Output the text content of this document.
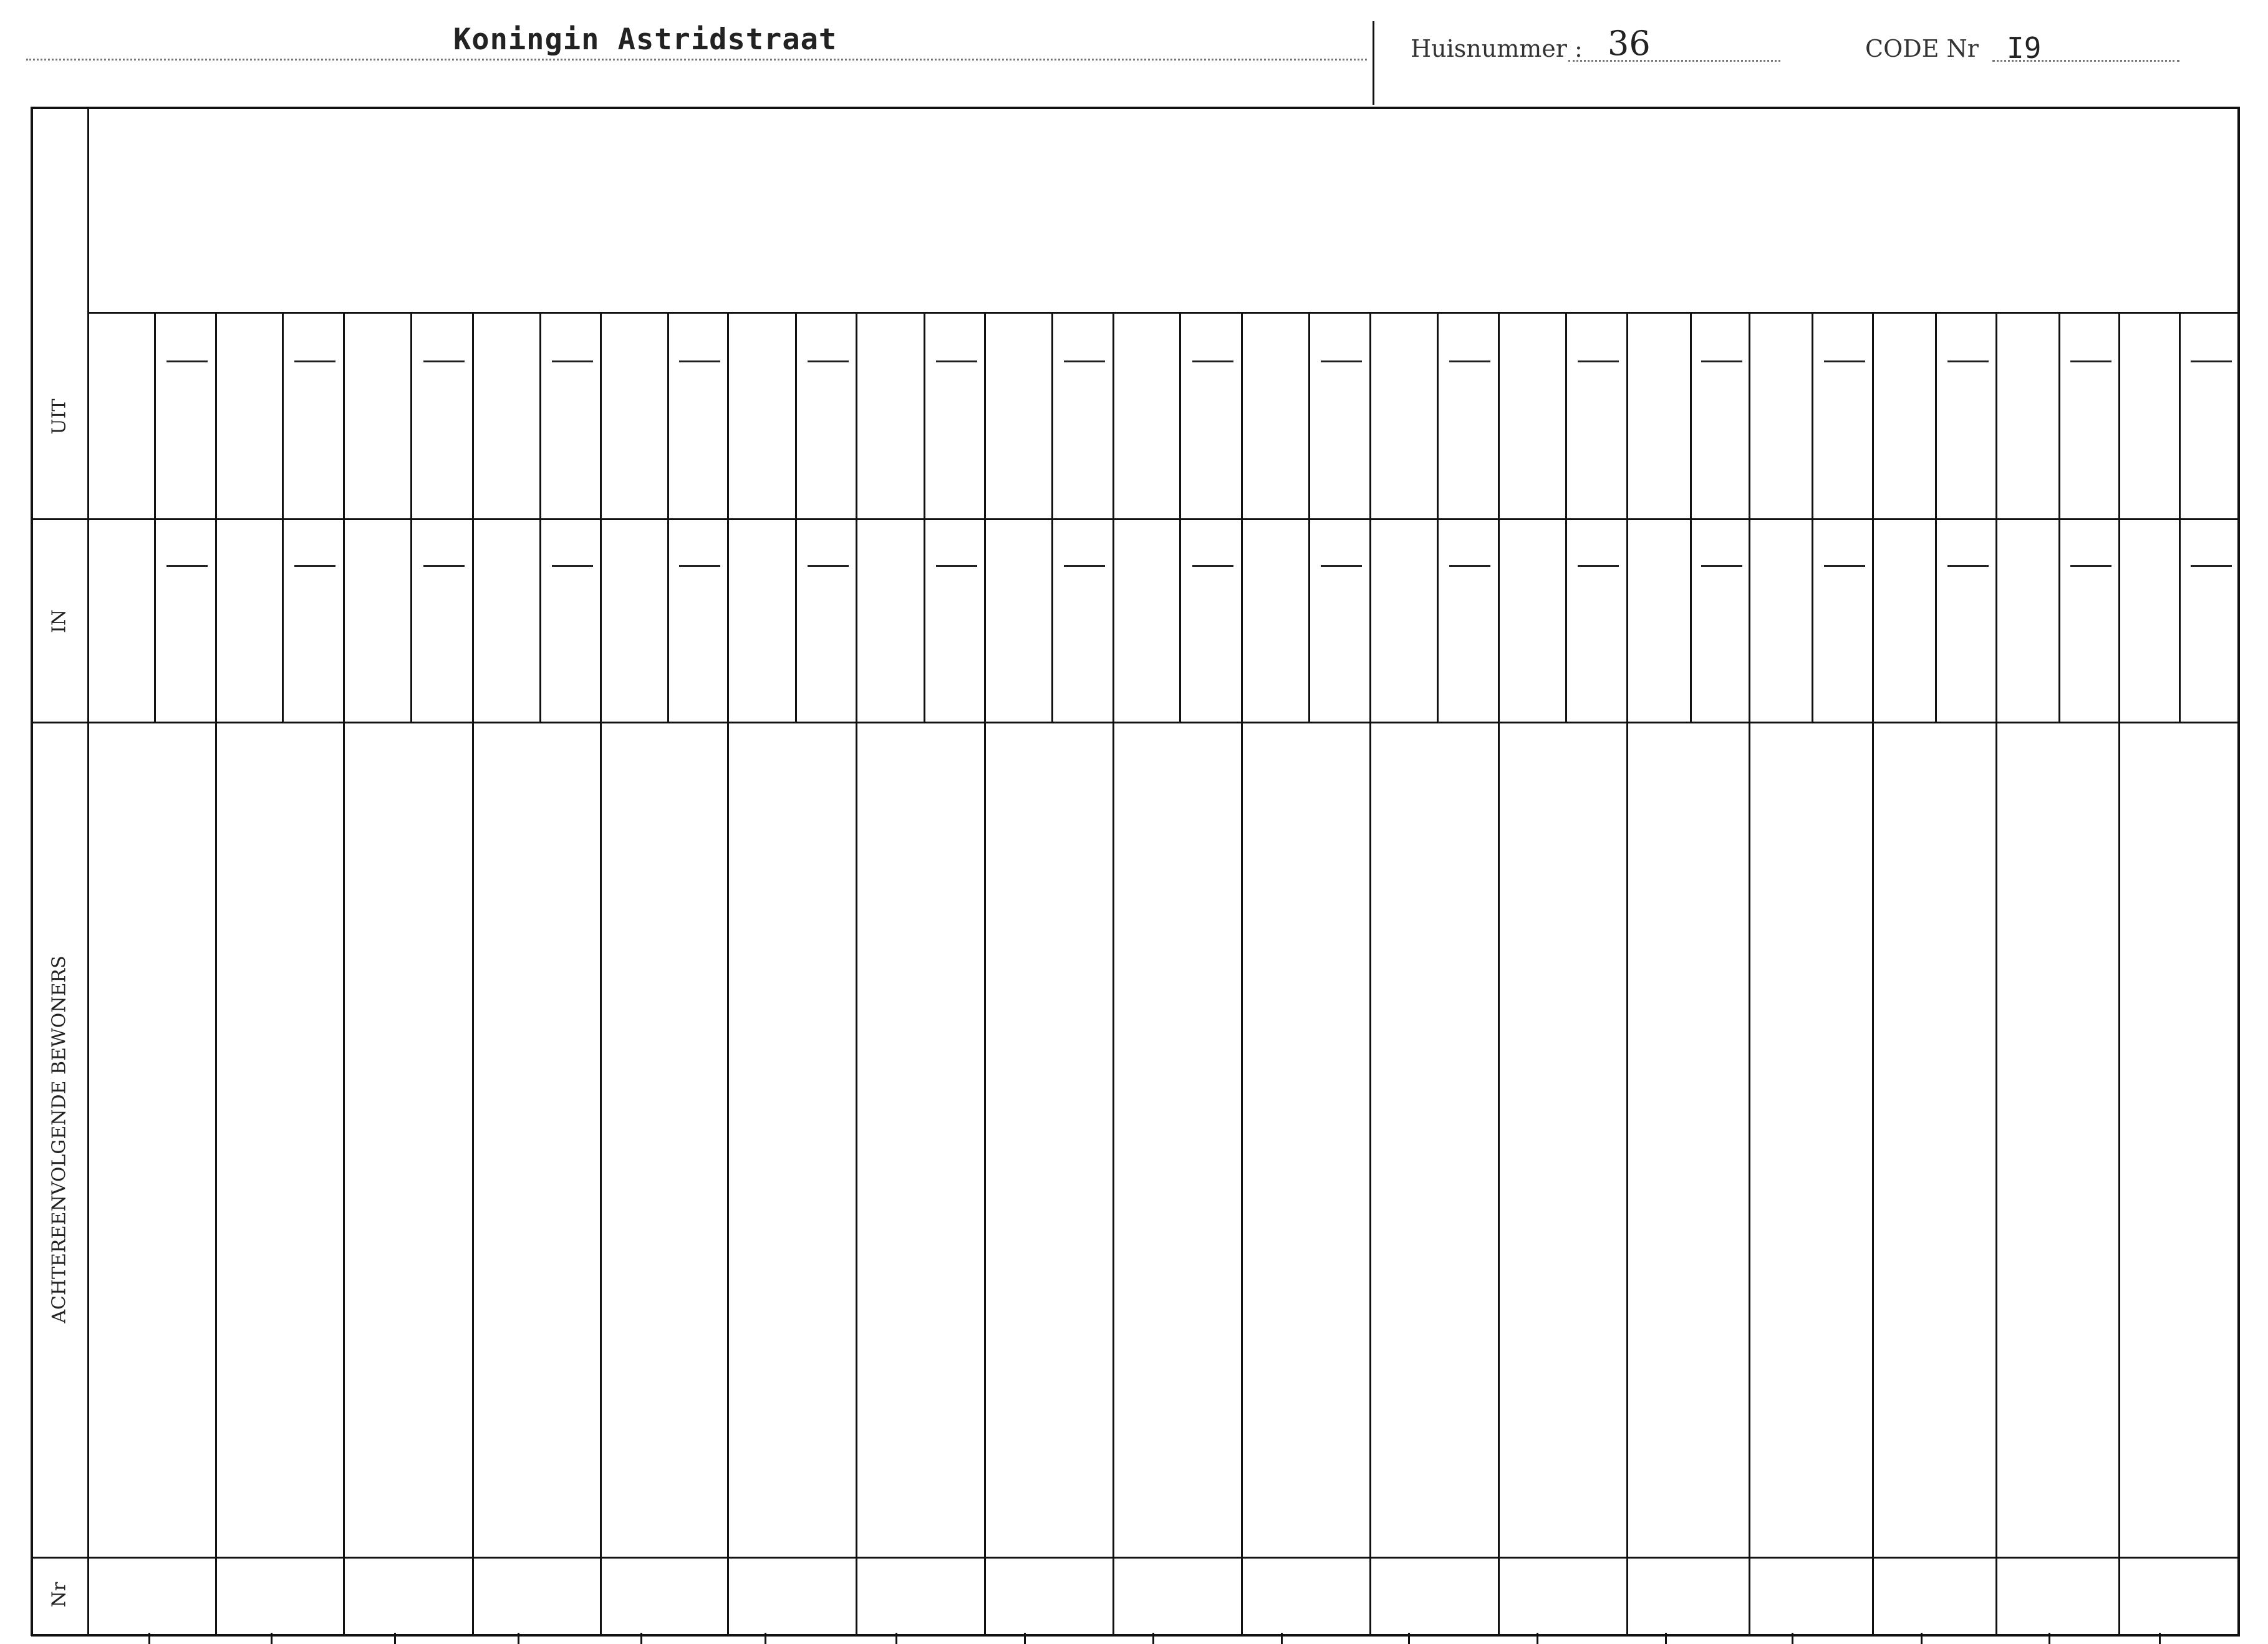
Koningin Astridstraat	Huisnummer : 36	CODE Nr I9
UIT
IN
ACHTEREENVOLGENDE BEWONERS
Nr
